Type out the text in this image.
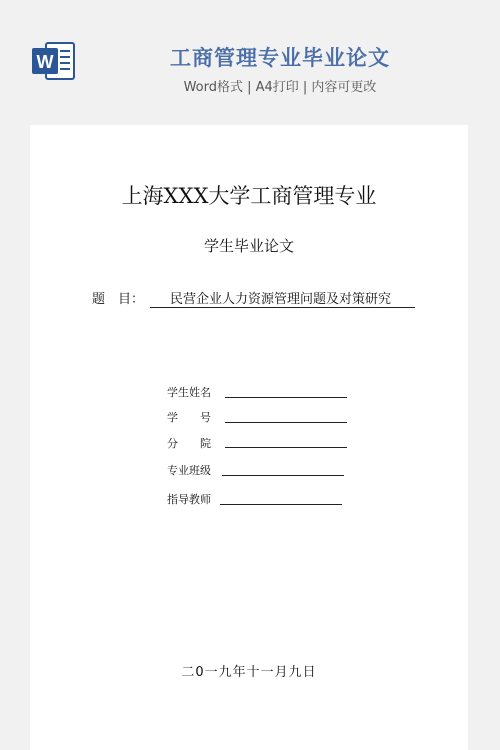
W	工商管理专业毕业论文
Word格式 | A4打印 | 内容可更改
上海XXX大学工商管理专业
学生毕业论文
题　目： 民营企业人力资源管理问题及对策研究
学生姓名
学　　号
分　　院
专业班级
指导教师
二0一九年十一月九日
